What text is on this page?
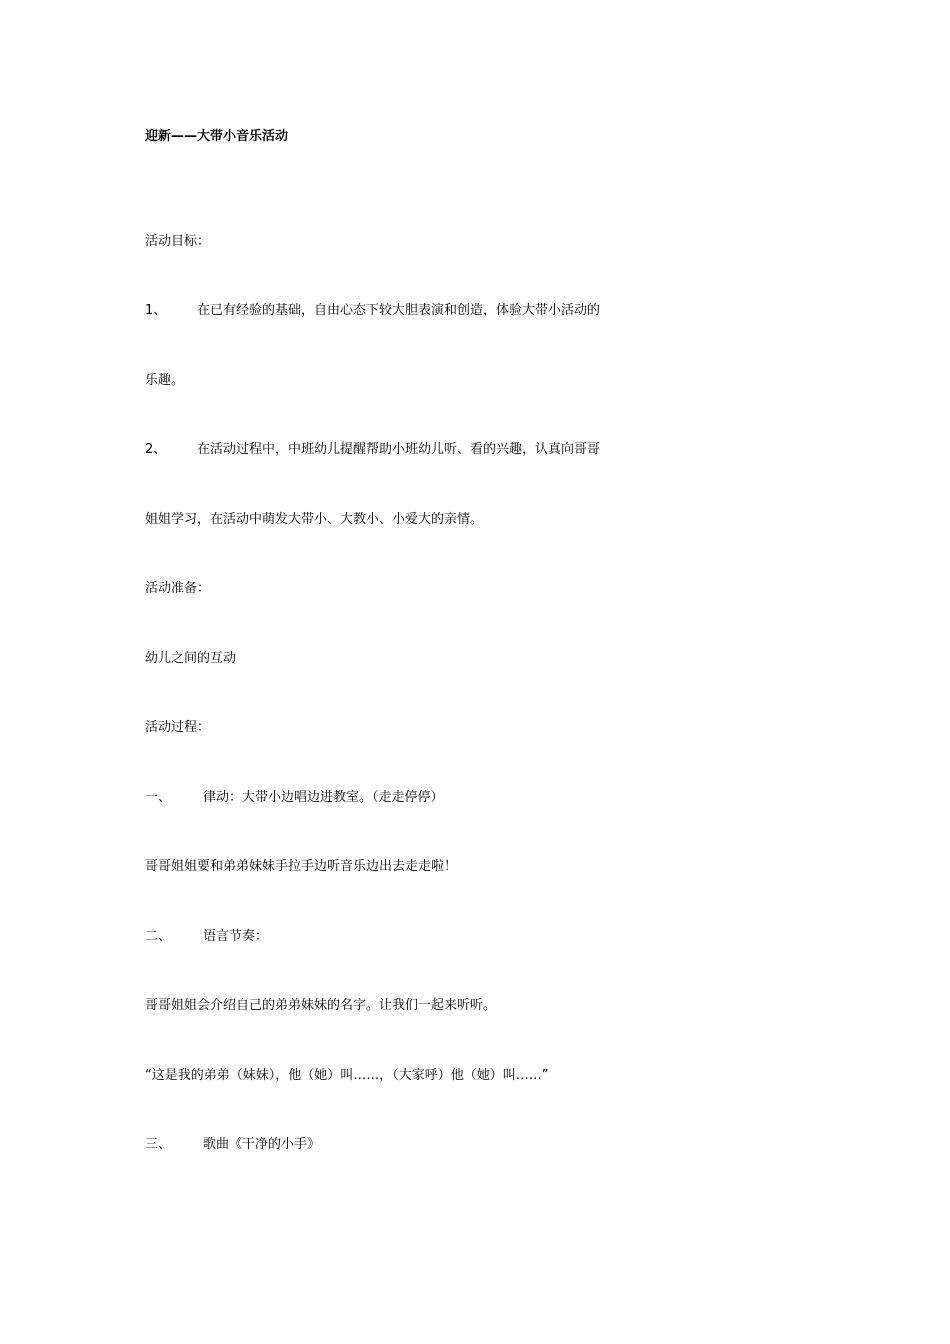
迎新——大带小音乐活动
活动目标：
1、 在已有经验的基础，自由心态下较大胆表演和创造，体验大带小活动的
乐趣。
2、 在活动过程中，中班幼儿提醒帮助小班幼儿听、看的兴趣，认真向哥哥
姐姐学习，在活动中萌发大带小、大教小、小爱大的亲情。
活动准备：
幼儿之间的互动
活动过程：
一、 律动：大带小边唱边进教室。（走走停停）
哥哥姐姐要和弟弟妹妹手拉手边听音乐边出去走走啦！
二、 语言节奏：
哥哥姐姐会介绍自己的弟弟妹妹的名字。让我们一起来听听。
“这是我的弟弟（妹妹），他（她）叫……，（大家呼）他（她）叫……”
三、 歌曲《干净的小手》
